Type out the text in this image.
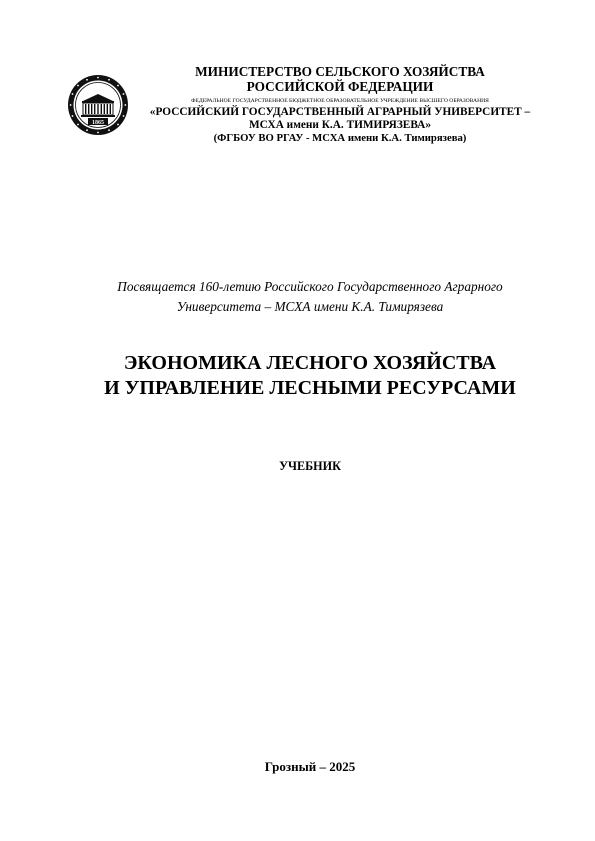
1865
МИНИСТЕРСТВО СЕЛЬСКОГО ХОЗЯЙСТВА
РОССИЙСКОЙ ФЕДЕРАЦИИ
ФЕДЕРАЛЬНОЕ ГОСУДАРСТВЕННОЕ БЮДЖЕТНОЕ ОБРАЗОВАТЕЛЬНОЕ УЧРЕЖДЕНИЕ ВЫСШЕГО ОБРАЗОВАНИЯ
«РОССИЙСКИЙ ГОСУДАРСТВЕННЫЙ АГРАРНЫЙ УНИВЕРСИТЕТ –
МСХА имени К.А. ТИМИРЯЗЕВА»
(ФГБОУ ВО РГАУ - МСХА имени К.А. Тимирязева)
Посвящается 160-летию Российского Государственного Аграрного
Университета – МСХА имени К.А. Тимирязева
ЭКОНОМИКА ЛЕСНОГО ХОЗЯЙСТВА
И УПРАВЛЕНИЕ ЛЕСНЫМИ РЕСУРСАМИ
УЧЕБНИК
Грозный – 2025
